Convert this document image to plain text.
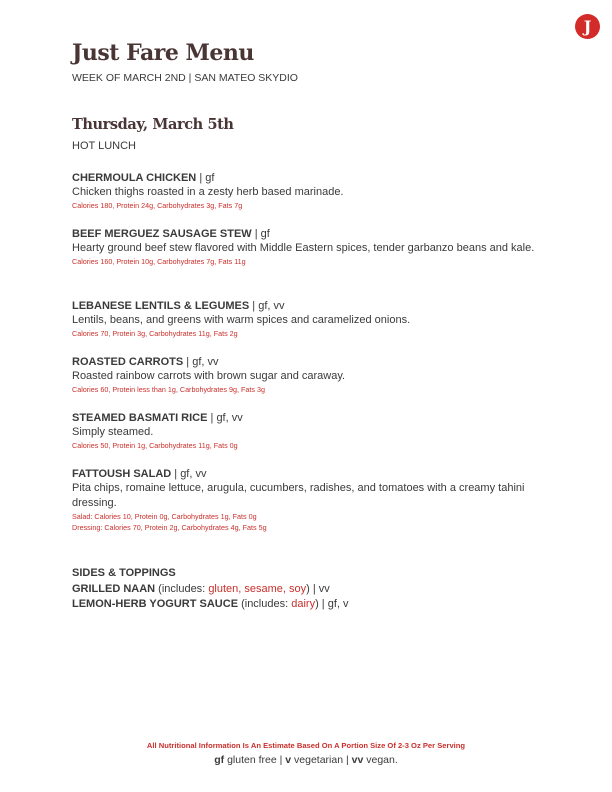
J
Just Fare Menu
WEEK OF MARCH 2ND | SAN MATEO SKYDIO
Thursday, March 5th
HOT LUNCH
CHERMOULA CHICKEN | gf
Chicken thighs roasted in a zesty herb based marinade.
Calories 180, Protein 24g, Carbohydrates 3g, Fats 7g
BEEF MERGUEZ SAUSAGE STEW | gf
Hearty ground beef stew flavored with Middle Eastern spices, tender garbanzo beans and kale.
Calories 160, Protein 10g, Carbohydrates 7g, Fats 11g
LEBANESE LENTILS & LEGUMES | gf, vv
Lentils, beans, and greens with warm spices and caramelized onions.
Calories 70, Protein 3g, Carbohydrates 11g, Fats 2g
ROASTED CARROTS | gf, vv
Roasted rainbow carrots with brown sugar and caraway.
Calories 60, Protein less than 1g, Carbohydrates 9g, Fats 3g
STEAMED BASMATI RICE | gf, vv
Simply steamed.
Calories 50, Protein 1g, Carbohydrates 11g, Fats 0g
FATTOUSH SALAD | gf, vv
Pita chips, romaine lettuce, arugula, cucumbers, radishes, and tomatoes with a creamy tahini dressing.
Salad: Calories 10, Protein 0g, Carbohydrates 1g, Fats 0g
Dressing: Calories 70, Protein 2g, Carbohydrates 4g, Fats 5g
SIDES & TOPPINGS
GRILLED NAAN (includes: gluten, sesame, soy) | vv
LEMON-HERB YOGURT SAUCE (includes: dairy) | gf, v
All Nutritional Information Is An Estimate Based On A Portion Size Of 2-3 Oz Per Serving
gf gluten free | v vegetarian | vv vegan.
